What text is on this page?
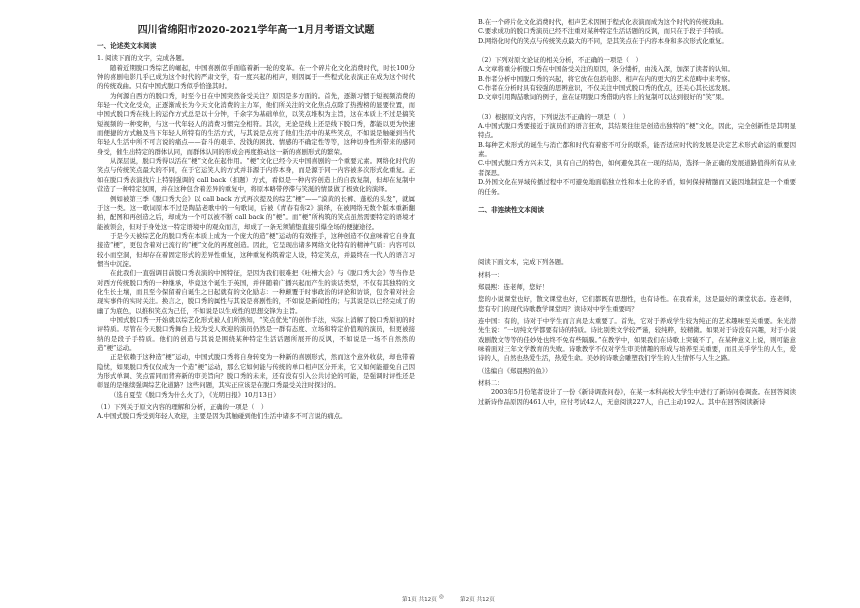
四川省绵阳市2020-2021学年高一1月月考语文试题
一、论述类文本阅读

1. 阅读下面的文字，完成各题。

随着近期脱口秀综艺的崛起，中国喜剧似乎面临着新一轮的变革。在一个碎片化文化消费时代，时长100分钟的喜剧电影几乎已成为这个时代的严肃文学，有一度兴起的相声，则因属于一些程式化表演正在成为这个时代的传统戏曲。只有中国式脱口秀似乎恰逢其时。

为何源自西方的脱口秀，时至今日在中国突然备受关注？原因是多方面的。首先，逐渐习惯于短视频消费的年轻一代文化受众，正逐渐成长为今天文化消费的主力军，他们所关注的文化焦点点除了热搜榜的显要位置，而中国式脱口秀在线上的运作方式总是以十分钟，千余字为基础单位，以笑点堆积为主旨，这在本质上不过是搞笑短视频的一种变种，与这一代年轻人的消费习惯完全相符。其次，无论是线上还是线下脱口秀，都能以更为快速而便捷的方式触及当下年轻人所特有的生活方式，与其说是点亮了他们生活中的某些笑点，不如说是触碰到当代年轻人生活中所不可言说的痛点——奋斗的艰辛、没钱的困扰、情感的不确定性等等，这种切身性所带来的感同身受，催生出特定的群体认同，而群体认同的形成会再度推动这一新的喜剧形式的繁荣。

从深层说，脱口秀得以活在“梗”文化在起作用。“梗”文化已经今天中国喜剧的一个重要元素。网络化时代的笑点与传统笑点最大的不同，在于它运笑人的方式并非源于内容本身，而是源于同一内容被多次形式化重复。正如在脱口秀表演找片上特别强调的 call back（扣题）方式，看似是一种内容创造上的自我复制，但却在复制中营造了一种特定氛围，并在这种包含着差异的重复中，将原本略带停滞与笑涎的情景做了极致化的演绎。

例如被第三季《脱口秀大会》以 call back 方式再次提及的综艺“梗”——“漠黄的长裤、蓬松的头发”，就属于这一类。这一歌词原本不过是陶喆老歌中的一句歌词，后被《青春有你2》演绎，在被网络无数个版本重新翻拍，配图和再创造之后，却成为一个可以被不断 call back 的“梗”。而“梗”所构筑的笑点虽然需要特定的语境才能被领会，但对于身处这一特定语境中的观众而言，却成了一条无须铺垫直接引爆全场的便捷途径。

于是今天被综艺化的脱口秀在本质上成为一个庞大的造“梗”运动的有效推手，这种创造不仅意味着它自身直接造“梗”，更包含着对已流行的“梗”文化的再度创造。因此，它呈现出诸多网络文化特有的精神气质：内容可以较小而空洞，但却存在着固定形式的差异性重复，这种重复构筑着定人设，特定笑点，并最终在一代人的语言习惯当中沉淀。

在此我们一直强调目前脱口秀表演的中国特征，是因为我们很难把《吐槽大会》与《脱口秀大会》等当作是对西方传统脱口秀的一种继承，毕竟这个诞生于英国，并伴随着广播兴起而产生的谈话类型，不仅有其独特的文化生长土壤，而且至今保留着自诞生之日起就有的文化励志：一种颠覆于时事政治的评论和访谈，包含着对社会现实事件的实时关注。换言之，脱口秀的属性与其说是喜剧性的，不如说是新闻性的；与其说是以已经完成了的幽了为底色，以推积笑点为己任，不如说是以生成性的思想交锋为主旨。

中国式脱口秀一开始就以综艺化形式被人们所熟知，“笑点优先”的创作手法，实际上消解了脱口秀原初的时评特质。尽管在今天脱口秀舞台上较为受人欢迎的演员仍然是一群有态度、立场和特定价值观的演员，但更被接纳的是段子手特质。他们的创造与其说是围绕某种特定生活话题所展开的反讽，不如说是一场不自然然的造“梗”运动。

正是依赖于这种造“梗”运动，中国式脱口秀将自身转变为一种新的喜剧形式，然而这个意外收获，却也带着隐忧，如果脱口秀仅仅成为一个造“梗”运动，那么它如何能与传统的单口相声区分开来，它又如何能避免自己因为形式单调、笑点雷同而背弃新的审美旨向？脱口秀的未来，还有没有引入公共讨论的可能，是强调时评性还是彰显的是继续强调综艺化道路？这些问题，其实正应该是在脱口秀最受关注时探讨的。

（选自夏莹《脱口秀为什么火了》，《光明日报》10月13日）

（1）下列关于原文内容的理解和分析，正确的一项是（　）

A.中国式脱口秀受到年轻人欢迎，主要是因为其触碰到他们生活中诸多不可言说的痛点。

B.在一个碎片化文化消费时代，相声艺术因囿于程式化表演而成为这个时代的传统戏曲。

C.要求成功的脱口秀演员已经不注重对某种特定生活话题的反讽，而只在于段子手特质。

D.网络化时代的笑点与传统笑点最大的不同，是其笑点在于内容本身和多次形式化重复。

（2）下列对原文论证的相关分析，不正确的一项是（　）

A.文章将重分析脱口秀在中国备受关注的原因，条分缕析，由浅入深，加深了读者的认知。

B.作者分析中国脱口秀的兴起，将它放在包括电影、相声在内的更大的艺术范畴中来考察。

C.作者在分析时具有较强的思辨意识，不仅关注中国式脱口秀的优点，还关心其长远发展。

D.文章引用陶喆歌词的例子，意在证明脱口秀借助内容上的复制可以达到很好的“笑”果。

（3）根据原文内容，下列说法不正确的一项是（　）

A.中国式脱口秀要接近于演员们的语言狂欢，其结果往往是创造出独特的“梗”文化，因此，完全创新性是其明显特点。

B.每种艺术形式的诞生与消亡都和时代有着密不可分的联系，能否适应时代的发展是决定艺术形式命运的重要因素。

C.中国式脱口秀方兴未艾，具有自己的特色，如何避免其在一现的结局，选择一条正确的发展道路值得所有从业者深思。

D.外国文化在异域传播过程中不可避免地面临独立性和本土化的矛盾，如何保持精髓而又能因地制宜是一个重要的任务。

二、非连续性文本阅读

阅读下面文本，完成下列各题。

材料一：

郑晨熙：连老师，您好！

您的小说课堂也好，散文课堂也好，它们都既有思想性，也有诗性。在我看来，这是最好的课堂状态。连老师，您有专门的现代诗歌教学课堂吗？读诗对中学生重要吗？

连中国：有的，诗对于中学生而言真是太重要了。首先，它对于养成学生较为纯正的艺术趣味至关重要。朱光潜先生说：“一切纯文学都要有诗的特质。诗比别类文学较严谨，较纯粹，较精微。如果对于诗没有兴趣，对于小说戏剧散文等等的佳妙处也终不免有些隔膜。”在教学中，如果我们在诗歌上突破不了，在某种意义上说，则可能意味着面对三年文学教育的失败。诗歌教学不仅对学生审美情趣的形成与培养至关重要，而且关乎学生的人生，爱诗的人，自然也热爱生活，热爱生命。美妙的诗歌会雕塑我们学生的人生情怀与人生之路。

（选编自《郑晨熙的鱼》）

材料二：

2003年5月份笔者设计了一份《新诗调查问卷》，在某一本科高校大学生中进行了新诗问卷调查。在回答阅读过新诗作品原因的461人中，应付考试42人，无意阅读227人，自己主动192人。其中在回答阅读新诗

第1页 共12页 ◎	第2页 共12页
